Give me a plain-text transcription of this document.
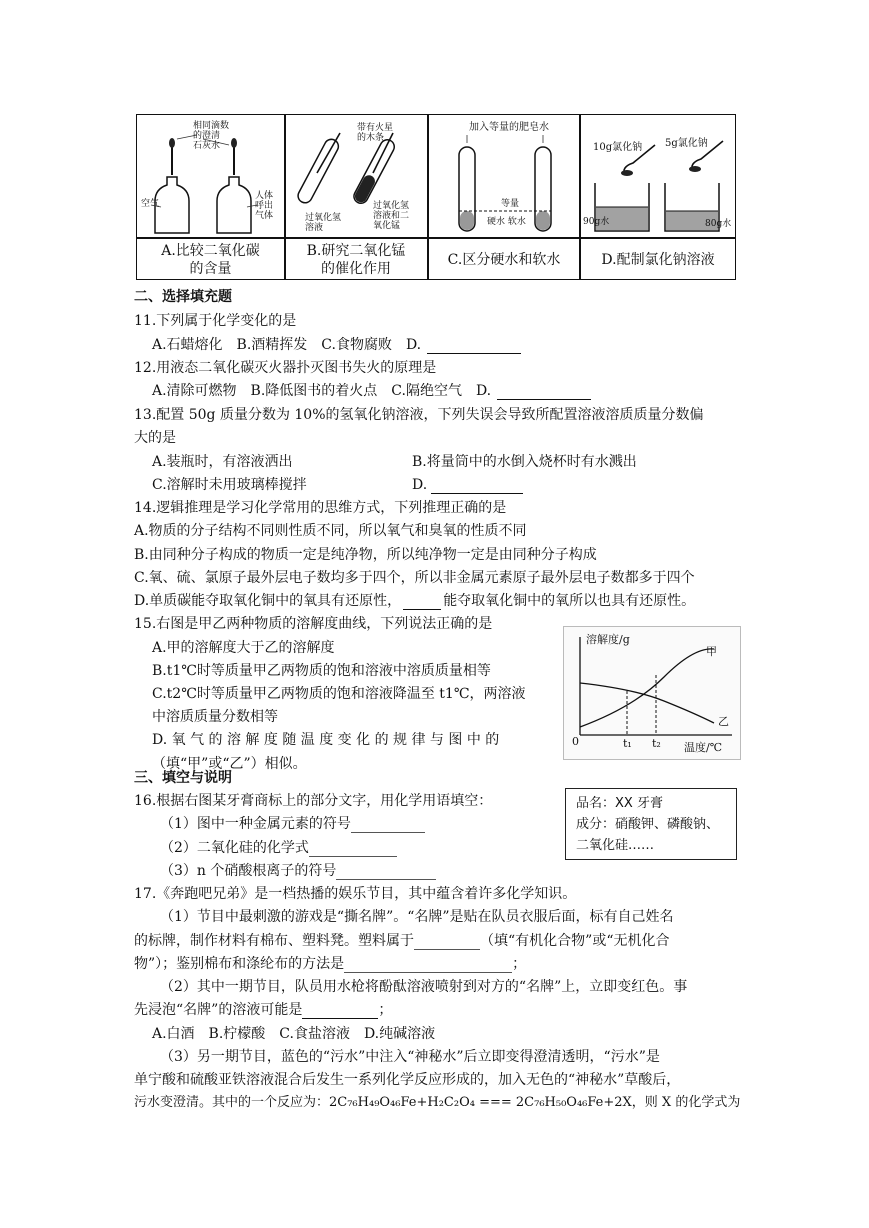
相同滴数
的澄清
石灰水
空气
人体
呼出
气体
带有火星
的木条
过氧化氢
溶液
过氧化氢
溶液和二
氧化锰
加入等量的肥皂水
等量
硬水 软水
10g氯化钠 5g氯化钠
90g水	80g水
A.比较二氧化碳
的含量
B.研究二氧化锰
的催化作用
C.区分硬水和软水	D.配制氯化钠溶液
二、选择填充题
11.下列属于化学变化的是
A.石蜡熔化　B.酒精挥发　C.食物腐败　D.
12.用液态二氧化碳灭火器扑灭图书失火的原理是
A.清除可燃物　B.降低图书的着火点　C.隔绝空气　D.
13.配置 50g 质量分数为 10%的氢氧化钠溶液，下列失误会导致所配置溶液溶质质量分数偏
大的是
A.装瓶时，有溶液洒出	B.将量筒中的水倒入烧杯时有水溅出
C.溶解时未用玻璃棒搅拌	D.
14.逻辑推理是学习化学常用的思维方式，下列推理正确的是
A.物质的分子结构不同则性质不同，所以氧气和臭氧的性质不同
B.由同种分子构成的物质一定是纯净物，所以纯净物一定是由同种分子构成
C.氧、硫、氯原子最外层电子数均多于四个，所以非金属元素原子最外层电子数都多于四个
D.单质碳能夺取氧化铜中的氧具有还原性，	能夺取氧化铜中的氧所以也具有还原性。
15.右图是甲乙两种物质的溶解度曲线，下列说法正确的是
A.甲的溶解度大于乙的溶解度
B.t1℃时等质量甲乙两物质的饱和溶液中溶质质量相等
C.t2℃时等质量甲乙两物质的饱和溶液降温至 t1℃，两溶液
中溶质质量分数相等
D. 氧 气 的 溶 解 度 随 温 度 变 化 的 规 律 与 图 中 的
（填“甲”或“乙”）相似。
溶解度/g
温度/℃
0	t₁ t₂
甲
乙
三、填空与说明
16.根据右图某牙膏商标上的部分文字，用化学用语填空：
（1）图中一种金属元素的符号
（2）二氧化硅的化学式
（3）n 个硝酸根离子的符号
品名：XX 牙膏
成分：硝酸钾、磷酸钠、
二氧化硅……
17.《奔跑吧兄弟》是一档热播的娱乐节目，其中蕴含着许多化学知识。
（1）节目中最刺激的游戏是“撕名牌”。“名牌”是贴在队员衣服后面，标有自己姓名
的标牌，制作材料有棉布、塑料凳。塑料属于	（填“有机化合物”或“无机化合
物”）；鉴别棉布和涤纶布的方法是	；
（2）其中一期节目，队员用水枪将酚酞溶液喷射到对方的“名牌”上，立即变红色。事
先浸泡“名牌”的溶液可能是	；
A.白酒　B.柠檬酸　C.食盐溶液　D.纯碱溶液
（3）另一期节目，蓝色的“污水”中注入“神秘水”后立即变得澄清透明，“污水”是
单宁酸和硫酸亚铁溶液混合后发生一系列化学反应形成的，加入无色的“神秘水”草酸后，
污水变澄清。其中的一个反应为：2C₇₆H₄₉O₄₆Fe+H₂C₂O₄ === 2C₇₆H₅₀O₄₆Fe+2X，则 X 的化学式为
